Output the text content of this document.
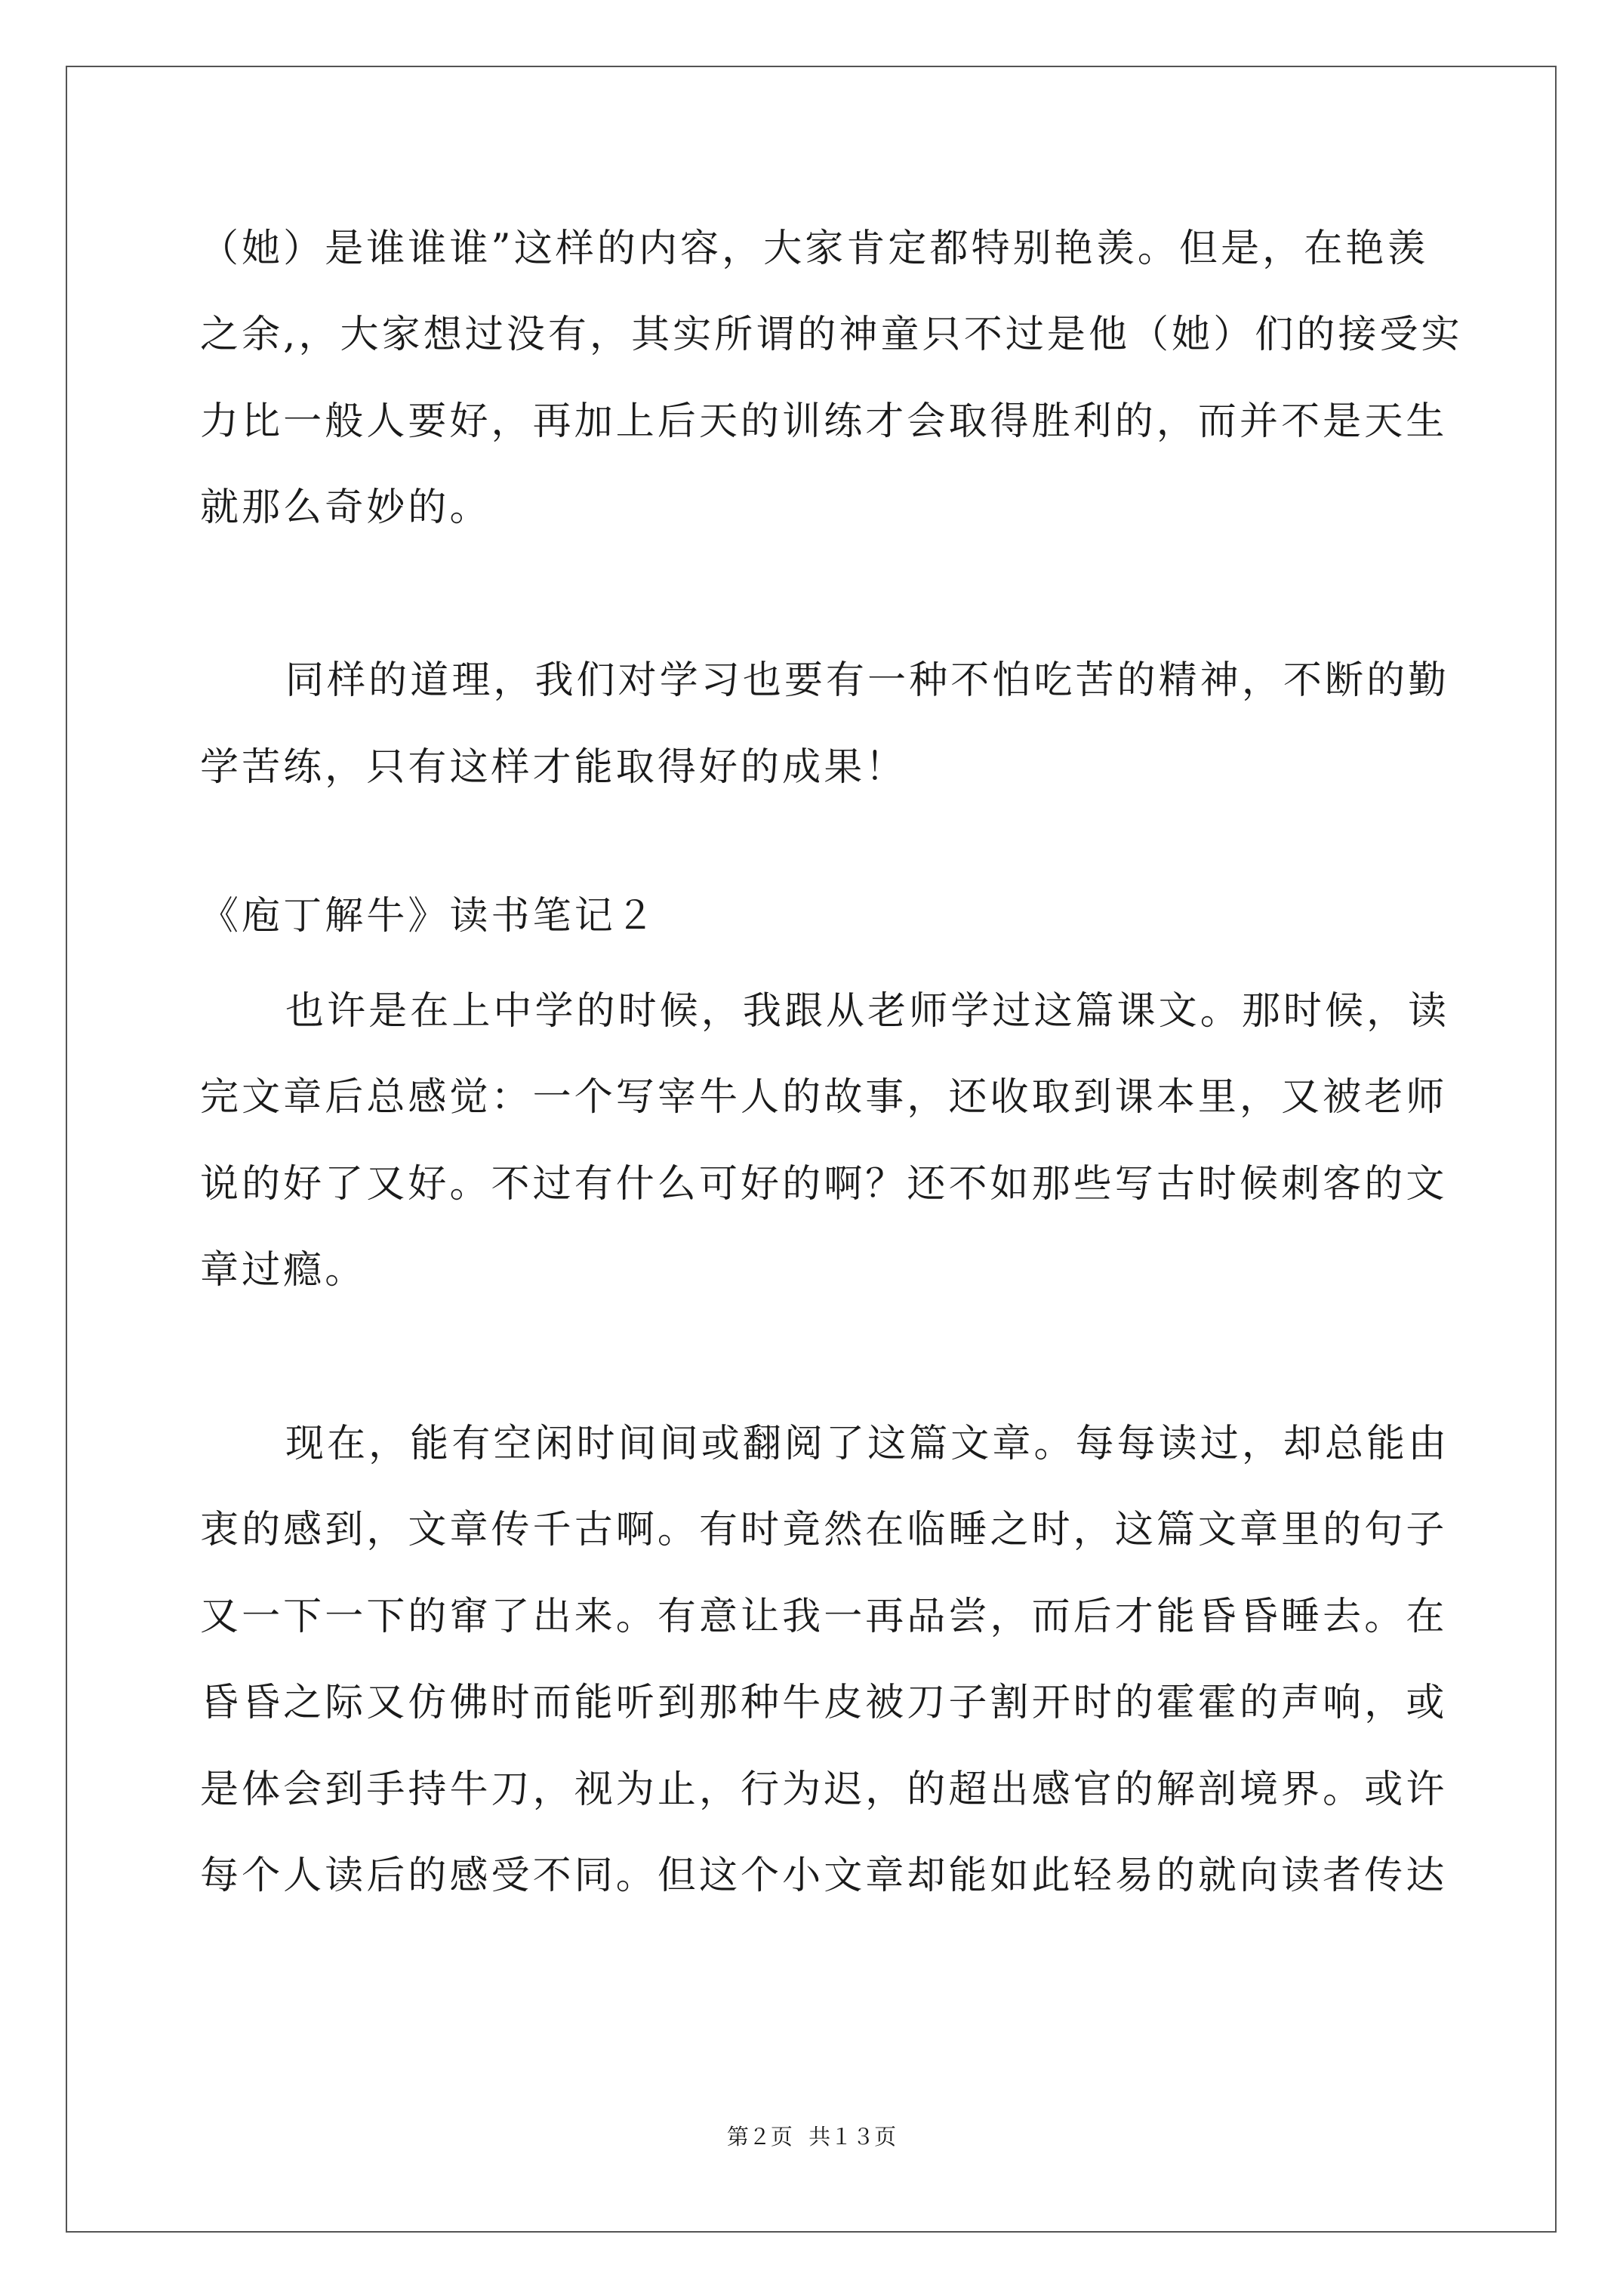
（她）是谁谁谁”这样的内容，大家肯定都特别艳羡。但是，在艳羡
之余,，大家想过没有，其实所谓的神童只不过是他（她）们的接受实
力比一般人要好，再加上后天的训练才会取得胜利的，而并不是天生
就那么奇妙的。
同样的道理，我们对学习也要有一种不怕吃苦的精神，不断的勤
学苦练，只有这样才能取得好的成果！
《庖丁解牛》读书笔记２
也许是在上中学的时候，我跟从老师学过这篇课文。那时候，读
完文章后总感觉：一个写宰牛人的故事，还收取到课本里，又被老师
说的好了又好。不过有什么可好的啊？还不如那些写古时候刺客的文
章过瘾。
现在，能有空闲时间间或翻阅了这篇文章。每每读过，却总能由
衷的感到，文章传千古啊。有时竟然在临睡之时，这篇文章里的句子
又一下一下的窜了出来。有意让我一再品尝，而后才能昏昏睡去。在
昏昏之际又仿佛时而能听到那种牛皮被刀子割开时的霍霍的声响，或
是体会到手持牛刀，视为止，行为迟，的超出感官的解剖境界。或许
每个人读后的感受不同。但这个小文章却能如此轻易的就向读者传达
第２页 共１３页
